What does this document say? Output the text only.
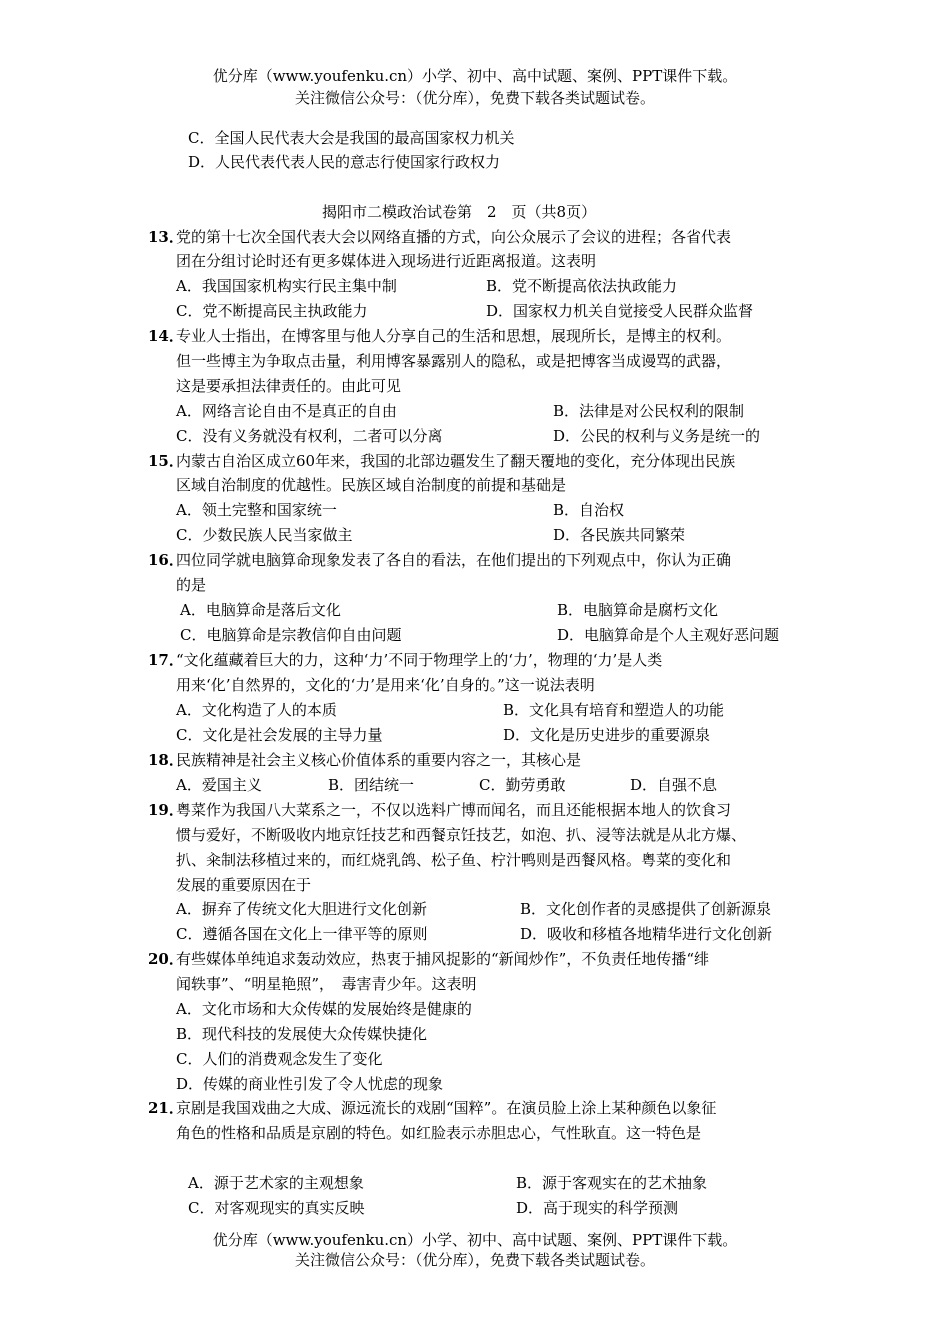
优分库（www.youfenku.cn）小学、初中、高中试题、案例、PPT课件下载。
关注微信公众号：（优分库），免费下载各类试题试卷。
C．全国人民代表大会是我国的最高国家权力机关
D．人民代表代表人民的意志行使国家行政权力
揭阳市二模政治试卷第　2　页（共8页）
13．
党的第十七次全国代表大会以网络直播的方式，向公众展示了会议的进程；各省代表
团在分组讨论时还有更多媒体进入现场进行近距离报道。这表明
A．我国国家机构实行民主集中制	B．党不断提高依法执政能力
C．党不断提高民主执政能力	D．国家权力机关自觉接受人民群众监督
14．
专业人士指出，在博客里与他人分享自己的生活和思想，展现所长，是博主的权利。
但一些博主为争取点击量，利用博客暴露别人的隐私，或是把博客当成谩骂的武器，
这是要承担法律责任的。由此可见
A．网络言论自由不是真正的自由	B．法律是对公民权利的限制
C．没有义务就没有权利，二者可以分离	D．公民的权利与义务是统一的
15．
内蒙古自治区成立60年来，我国的北部边疆发生了翻天覆地的变化，充分体现出民族
区域自治制度的优越性。民族区域自治制度的前提和基础是
A．领土完整和国家统一	B．自治权
C．少数民族人民当家做主	D．各民族共同繁荣
16．
四位同学就电脑算命现象发表了各自的看法，在他们提出的下列观点中，你认为正确
的是
A．电脑算命是落后文化	B．电脑算命是腐朽文化
C．电脑算命是宗教信仰自由问题	D．电脑算命是个人主观好恶问题
17．
“文化蕴藏着巨大的力，这种‘力’不同于物理学上的‘力’，物理的‘力’是人类
用来‘化’自然界的，文化的‘力’是用来‘化’自身的。”这一说法表明
A．文化构造了人的本质	B．文化具有培育和塑造人的功能
C．文化是社会发展的主导力量	D．文化是历史进步的重要源泉
18．
民族精神是社会主义核心价值体系的重要内容之一，其核心是
A．爱国主义	B．团结统一	C．勤劳勇敢	D．自强不息
19．
粤菜作为我国八大菜系之一，不仅以选料广博而闻名，而且还能根据本地人的饮食习
惯与爱好，不断吸收内地京饪技艺和西餐京饪技艺，如泡、扒、浸等法就是从北方爆、
扒、籴制法移植过来的，而红烧乳鸽、松子鱼、柠汁鸭则是西餐风格。粤菜的变化和
发展的重要原因在于
A．摒弃了传统文化大胆进行文化创新	B．文化创作者的灵感提供了创新源泉
C．遵循各国在文化上一律平等的原则	D．吸收和移植各地精华进行文化创新
20．
有些媒体单纯追求轰动效应，热衷于捕风捉影的“新闻炒作”，不负责任地传播“绯
闻轶事”、“明星艳照”，　毒害青少年。这表明
A．文化市场和大众传媒的发展始终是健康的
B．现代科技的发展使大众传媒快捷化
C．人们的消费观念发生了变化
D．传媒的商业性引发了令人忧虑的现象
21．
京剧是我国戏曲之大成、源远流长的戏剧“国粹”。在演员脸上涂上某种颜色以象征
角色的性格和品质是京剧的特色。如红脸表示赤胆忠心，气性耿直。这一特色是
A．源于艺术家的主观想象	B．源于客观实在的艺术抽象
C．对客观现实的真实反映	D．高于现实的科学预测
优分库（www.youfenku.cn）小学、初中、高中试题、案例、PPT课件下载。
关注微信公众号：（优分库），免费下载各类试题试卷。
